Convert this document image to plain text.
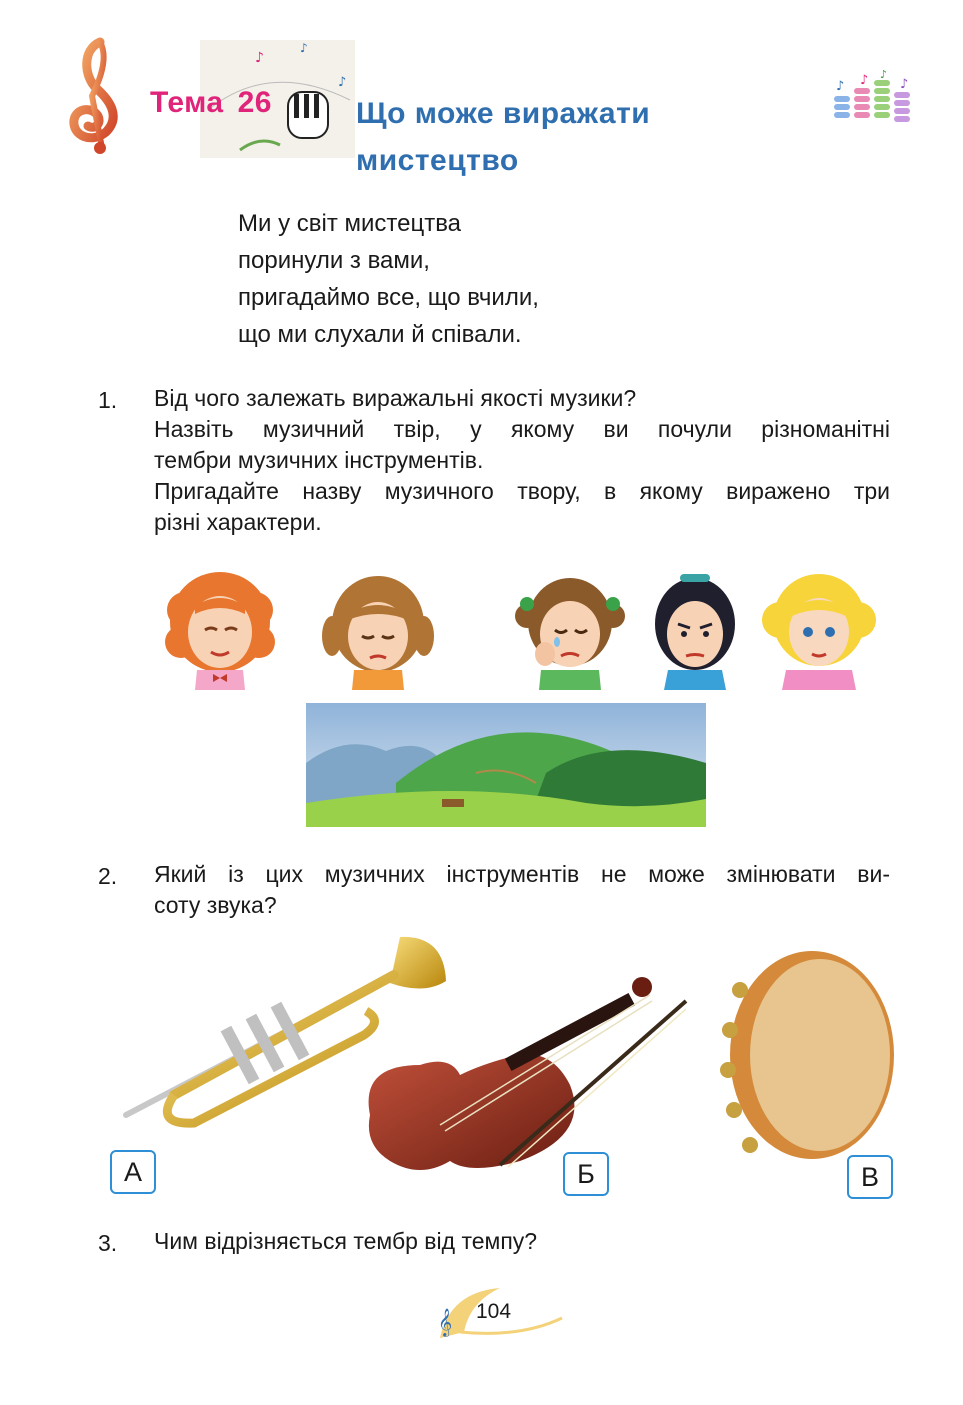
♪
♪
♪
Тема 26	Що може виражати
мистецтво
♪ ♪ ♪
♪
Ми у світ мистецтва
поринули з вами,
пригадаймо все, що вчили,
що ми слухали й співали.
1. Від чого залежать виражальні якості музики?
Назвіть музичний твір, у якому ви почули різноманітні
тембри музичних інструментів.
Пригадайте назву музичного твору, в якому виражено три
різні характери.
2. Який із цих музичних інструментів не може змінювати ви-
соту звука?
А	Б	В
3. Чим відрізняється тембр від темпу?
𝄞 104
